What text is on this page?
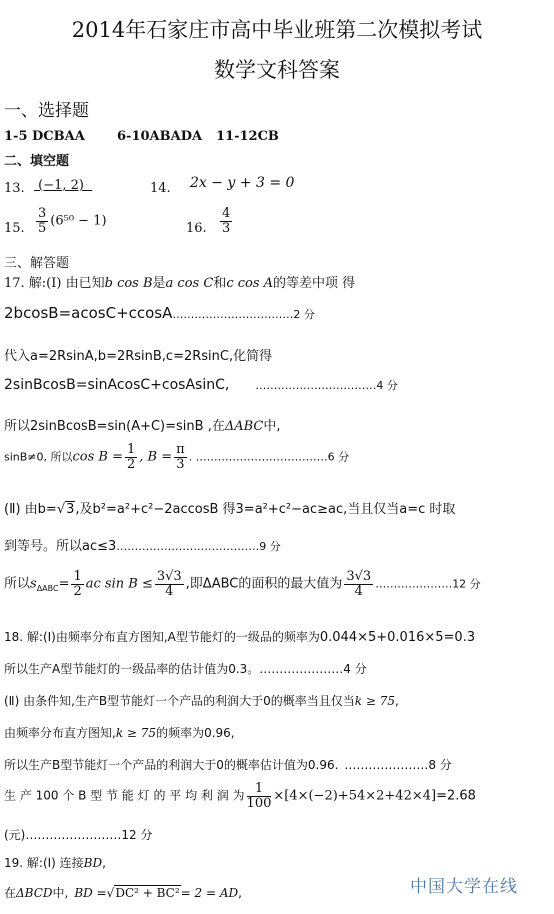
2014年石家庄市高中毕业班第二次模拟考试
数学文科答案
一、选择题
1-5 DCBAA 6-10ABADA 11-12CB
二、填空题
13.	(−1, 2)	14. 2x − y + 3 = 0
15. $\frac{3}{5} (6^{50} - 1)$	16. $\frac{4}{3}$
三、解答题
17. 解:(Ⅰ) 由已知b cos B是a cos C和c cos A的等差中项 得
2bcosB=acosC+ccosA……………………………2 分
代入a=2RsinA,b=2RsinB,c=2RsinC,化简得
2sinBcosB=sinAcosC+cosAsinC, ……………………………4 分
所以2sinBcosB=sin(A+C)=sinB ,在ΔABC中,
sinB≠0, 所以$\cos B = \frac{1}{2}$ , $B = \frac{\pi}{3}$ . ………………………………6 分
(Ⅱ) 由b=√3,及b²=a²+c²−2accosB 得3=a²+c²−ac≥ac,当且仅当a=c 时取
到等号。所以ac≤3…………………………………9 分
所以$s_{\Delta ABC}= \frac{1}{2}$ ac $\sin B \le \frac{3√3}{4}$ ,即ΔABC的面积的最大值为 $\frac{3√3}{4}$ …………………12 分
18. 解:(Ⅰ)由频率分布直方图知,A型节能灯的一级品的频率为0.044×5+0.016×5=0.3
所以生产A型节能灯的一级品率的估计值为0.3。…………………4 分
(Ⅱ) 由条件知,生产B型节能灯一个产品的利润大于0的概率当且仅当k ≥ 75,
由频率分布直方图知,k ≥ 75的频率为0.96,
所以生产B型节能灯一个产品的利润大于0的概率估计值为0.96. …………………8 分
生 产 100 个 B 型 节 能 灯 的 平 均 利 润 为 $\frac{1}{100} \times[4\times(-2)+54\times 2+42\times 4]=2.68$
(元)……………………12 分
19. 解:(Ⅰ) 连接BD,
在ΔBCD中, BD =√DC² + BC²= 2 = AD,	中国大学在线
